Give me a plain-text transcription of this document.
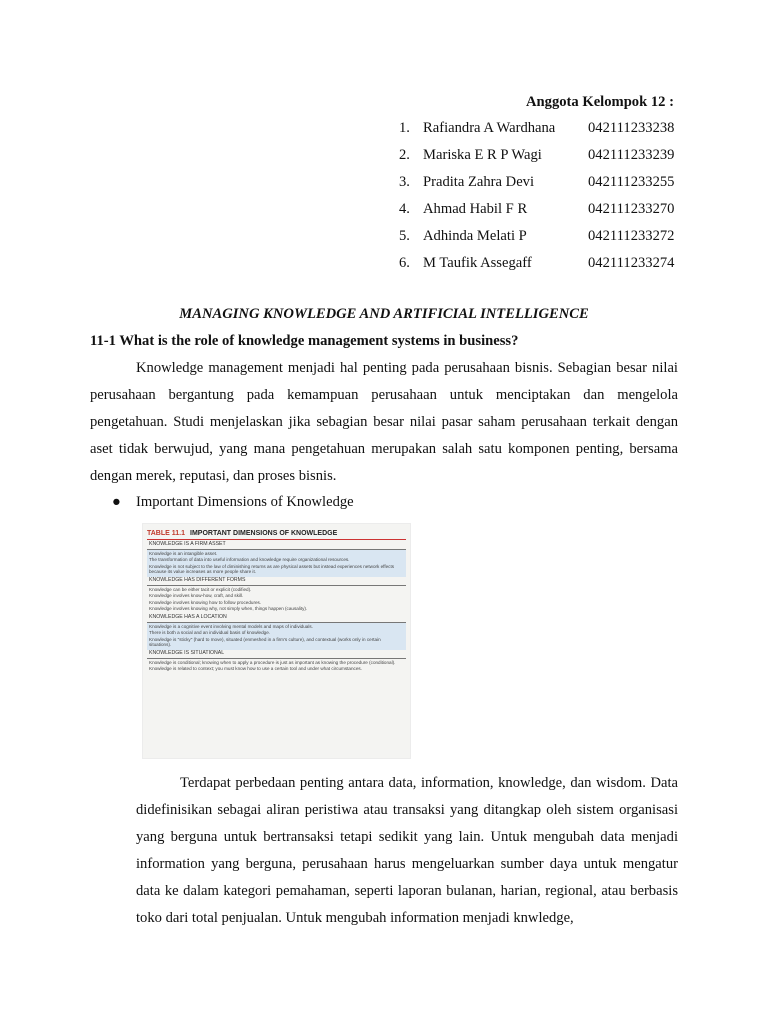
Anggota Kelompok 12 :
1. Rafiandra A Wardhana 042111233238
2. Mariska E R P Wagi	042111233239
3. Pradita Zahra Devi	042111233255
4. Ahmad Habil F R	042111233270
5. Adhinda Melati P	042111233272
6. M Taufik Assegaff	042111233274
MANAGING KNOWLEDGE AND ARTIFICIAL INTELLIGENCE
11-1 What is the role of knowledge management systems in business?
Knowledge management menjadi hal penting pada perusahaan bisnis. Sebagian besar nilai perusahaan bergantung pada kemampuan perusahaan untuk menciptakan dan mengelola pengetahuan. Studi menjelaskan jika sebagian besar nilai pasar saham perusahaan terkait dengan aset tidak berwujud, yang mana pengetahuan merupakan salah satu komponen penting, bersama dengan merek, reputasi, dan proses bisnis.
● Important Dimensions of Knowledge
TABLE 11.1 IMPORTANT DIMENSIONS OF KNOWLEDGE
KNOWLEDGE IS A FIRM ASSET
Knowledge is an intangible asset.
The transformation of data into useful information and knowledge require organizational resources.
Knowledge is not subject to the law of diminishing returns as are physical assets but instead experiences network effects because its value increases as more people share it.
KNOWLEDGE HAS DIFFERENT FORMS
Knowledge can be either tacit or explicit (codified).
Knowledge involves know-how, craft, and skill.
Knowledge involves knowing how to follow procedures.
Knowledge involves knowing why, not simply when, things happen (causality).
KNOWLEDGE HAS A LOCATION
Knowledge is a cognitive event involving mental models and maps of individuals.
There is both a social and an individual basis of knowledge.
Knowledge is "sticky" (hard to move), situated (enmeshed in a firm's culture), and contextual (works only in certain situations).
KNOWLEDGE IS SITUATIONAL
Knowledge is conditional; knowing when to apply a procedure is just as important as knowing the procedure (conditional).
Knowledge is related to context; you must know how to use a certain tool and under what circumstances.
Terdapat perbedaan penting antara data, information, knowledge, dan wisdom. Data didefinisikan sebagai aliran peristiwa atau transaksi yang ditangkap oleh sistem organisasi yang berguna untuk bertransaksi tetapi sedikit yang lain. Untuk mengubah data menjadi information yang berguna, perusahaan harus mengeluarkan sumber daya untuk mengatur data ke dalam kategori pemahaman, seperti laporan bulanan, harian, regional, atau berbasis toko dari total penjualan. Untuk mengubah information menjadi knwledge,
